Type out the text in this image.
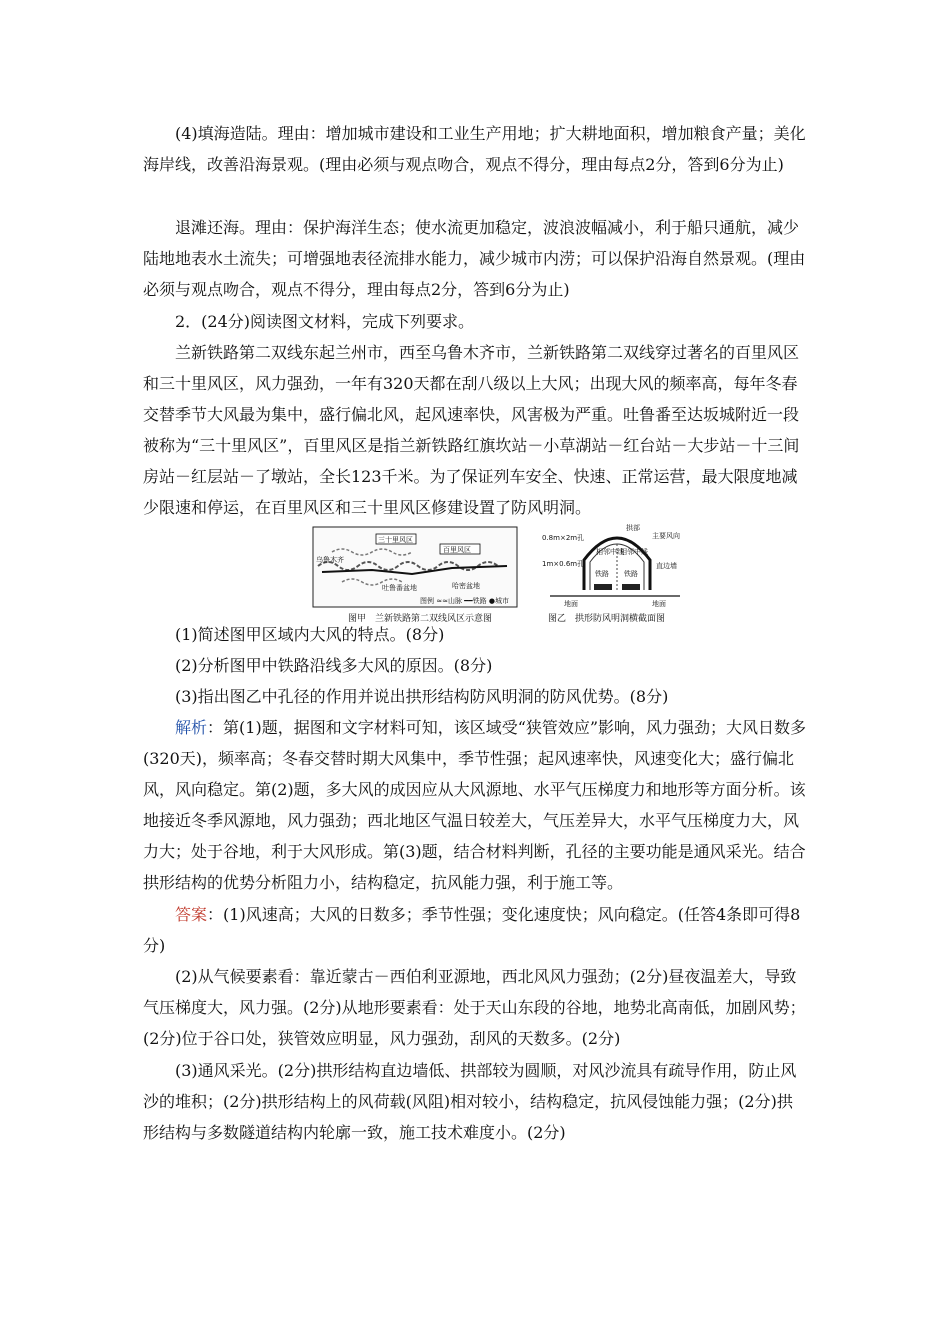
　　(4)填海造陆。理由：增加城市建设和工业生产用地；扩大耕地面积，增加粮食产量；美化海岸线，改善沿海景观。(理由必须与观点吻合，观点不得分，理由每点2分，答到6分为止)

　　退滩还海。理由：保护海洋生态；使水流更加稳定，波浪波幅减小，利于船只通航，减少陆地地表水土流失；可增强地表径流排水能力，减少城市内涝；可以保护沿海自然景观。(理由必须与观点吻合，观点不得分，理由每点2分，答到6分为止)

　　2．(24分)阅读图文材料，完成下列要求。

　　兰新铁路第二双线东起兰州市，西至乌鲁木齐市，兰新铁路第二双线穿过著名的百里风区和三十里风区，风力强劲，一年有320天都在刮八级以上大风；出现大风的频率高，每年冬春交替季节大风最为集中，盛行偏北风，起风速率快，风害极为严重。吐鲁番至达坂城附近一段被称为“三十里风区”，百里风区是指兰新铁路红旗坎站－小草湖站－红台站－大步站－十三间房站－红层站－了墩站，全长123千米。为了保证列车安全、快速、正常运营，最大限度地减少限速和停运，在百里风区和三十里风区修建设置了防风明洞。

三十里风区
百里风区
乌鲁木齐
吐鲁番盆地	哈密盆地
图例 ≈≈山脉 ━━铁路 ●城市
图甲　兰新铁路第二双线风区示意图
0.8m×2m孔
1m×0.6m孔
拱部
主要风向
直边墙
铁路 铁路
相邻中线
相邻中线
地面	地面
图乙　拱形防风明洞横截面图

　　(1)简述图甲区域内大风的特点。(8分)

　　(2)分析图甲中铁路沿线多大风的原因。(8分)

　　(3)指出图乙中孔径的作用并说出拱形结构防风明洞的防风优势。(8分)

　　解析：第(1)题，据图和文字材料可知，该区域受“狭管效应”影响，风力强劲；大风日数多(320天)，频率高；冬春交替时期大风集中，季节性强；起风速率快，风速变化大；盛行偏北风，风向稳定。第(2)题，多大风的成因应从大风源地、水平气压梯度力和地形等方面分析。该地接近冬季风源地，风力强劲；西北地区气温日较差大，气压差异大，水平气压梯度力大，风力大；处于谷地，利于大风形成。第(3)题，结合材料判断，孔径的主要功能是通风采光。结合拱形结构的优势分析阻力小，结构稳定，抗风能力强，利于施工等。

　　答案：(1)风速高；大风的日数多；季节性强；变化速度快；风向稳定。(任答4条即可得8分)

　　(2)从气候要素看：靠近蒙古－西伯利亚源地，西北风风力强劲；(2分)昼夜温差大，导致气压梯度大，风力强。(2分)从地形要素看：处于天山东段的谷地，地势北高南低，加剧风势；(2分)位于谷口处，狭管效应明显，风力强劲，刮风的天数多。(2分)

　　(3)通风采光。(2分)拱形结构直边墙低、拱部较为圆顺，对风沙流具有疏导作用，防止风沙的堆积；(2分)拱形结构上的风荷载(风阻)相对较小，结构稳定，抗风侵蚀能力强；(2分)拱形结构与多数隧道结构内轮廓一致，施工技术难度小。(2分)
